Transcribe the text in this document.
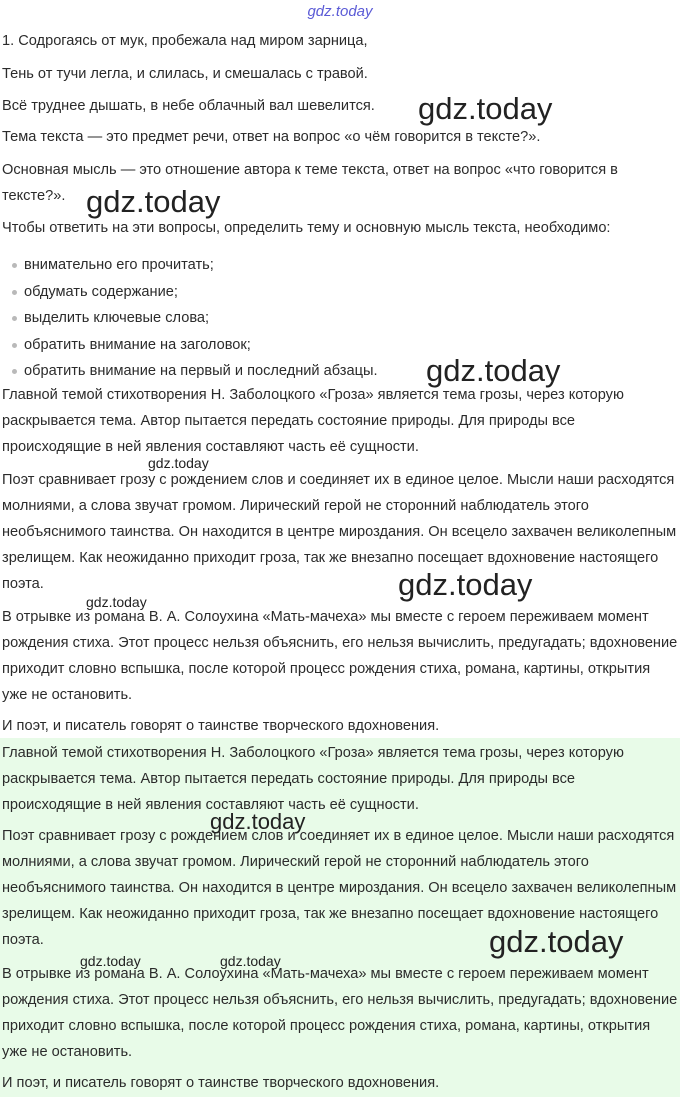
gdz.today

1. Содрогаясь от мук, пробежала над миром зарница,

Тень от тучи легла, и слилась, и смешалась с травой.

Всё труднее дышать, в небе облачный вал шевелится.

Тема текста — это предмет речи, ответ на вопрос «о чём говорится в тексте?».

Основная мысль — это отношение автора к теме текста, ответ на вопрос «что говорится в тексте?».

Чтобы ответить на эти вопросы, определить тему и основную мысль текста, необходимо:

внимательно его прочитать;
обдумать содержание;
выделить ключевые слова;
обратить внимание на заголовок;
обратить внимание на первый и последний абзацы.

Главной темой стихотворения Н. Заболоцкого «Гроза» является тема грозы, через которую раскрывается тема. Автор пытается передать состояние природы. Для природы все происходящие в ней явления составляют часть её сущности.

Поэт сравнивает грозу с рождением слов и соединяет их в единое целое. Мысли наши расходятся молниями, а слова звучат громом. Лирический герой не сторонний наблюдатель этого необъяснимого таинства. Он находится в центре мироздания. Он всецело захвачен великолепным зрелищем. Как неожиданно приходит гроза, так же внезапно посещает вдохновение настоящего поэта.

В отрывке из романа В. А. Солоухина «Мать-мачеха» мы вместе с героем переживаем момент рождения стиха. Этот процесс нельзя объяснить, его нельзя вычислить, предугадать; вдохновение приходит словно вспышка, после которой процесс рождения стиха, романа, картины, открытия уже не остановить.

И поэт, и писатель говорят о таинстве творческого вдохновения.

Главной темой стихотворения Н. Заболоцкого «Гроза» является тема грозы, через которую раскрывается тема. Автор пытается передать состояние природы. Для природы все происходящие в ней явления составляют часть её сущности.

Поэт сравнивает грозу с рождением слов и соединяет их в единое целое. Мысли наши расходятся молниями, а слова звучат громом. Лирический герой не сторонний наблюдатель этого необъяснимого таинства. Он находится в центре мироздания. Он всецело захвачен великолепным зрелищем. Как неожиданно приходит гроза, так же внезапно посещает вдохновение настоящего поэта.

В отрывке из романа В. А. Солоухина «Мать-мачеха» мы вместе с героем переживаем момент рождения стиха. Этот процесс нельзя объяснить, его нельзя вычислить, предугадать; вдохновение приходит словно вспышка, после которой процесс рождения стиха, романа, картины, открытия уже не остановить.

И поэт, и писатель говорят о таинстве творческого вдохновения.

gdz.today
gdz.today
gdz.today
gdz.today
gdz.today
gdz.today
gdz.today
gdz.today
gdz.today	gdz.today
